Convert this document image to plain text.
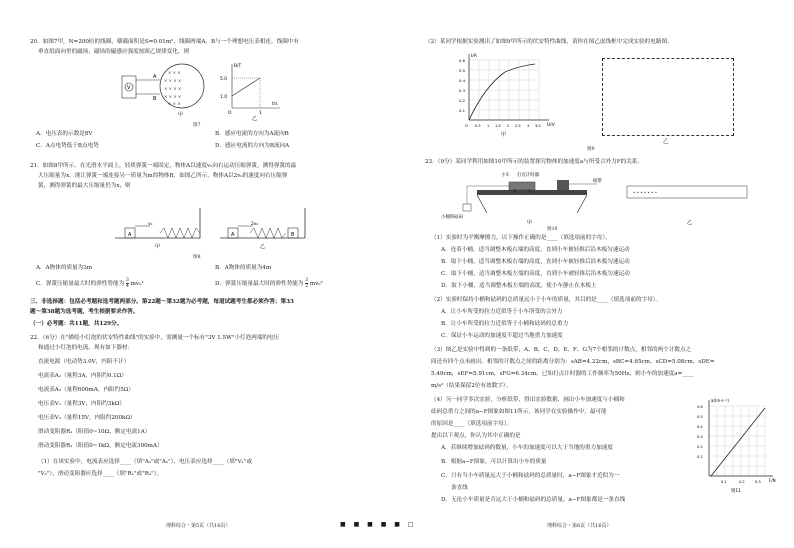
20．如图7甲，N=200匝的线圈，横截面积是S=0.01m²，线圈两端A、B与一个理想电压表相连。线圈中有

垂直纸面向里的磁场，磁场的磁感应强度按图乙规律变化，则

V
× × ×
× × × ×
× × × ×
× × × ×
× × ×
A
B
甲
B/T
t/s
5.0
1.0
1
O
乙

图7

A．电压表的示数是8V	B．感应电流的方向为A流向B

C．A点电势低于B点电势	D．感应电流的方向为B流向A

21．如图8甲所示，在光滑水平面上，轻质弹簧一端固定，物体A以速度v₀向右运动压缩弹簧，测得弹簧的最

大压缩量为x。现让弹簧一端连接另一质量为m的物体B，如图乙所示，物体A以2v₀的速度向右压缩弹

簧，测得弹簧的最大压缩量仍为x，则

A
v₀
甲
A
2v₀
B
乙

图8

A．A物体的质量为3m	B．A物体的质量为4m

C．弹簧压缩量最大时的弹性势能为 $\frac{3}{4} mv_0^2$	D．弹簧压缩量最大时的弹性势能为 $\frac{3}{2} mv_0^2$

三、非选择题：包括必考题和选考题两部分。第22题～第32题为必考题，每道试题考生都必须作答；第33

题～第38题为选考题，考生根据要求作答。

（一）必考题：共11题，共129分。

22．（6分）在"描绘小灯泡的伏安特性曲线"的实验中，需测量一个标有"3V 1.5W"小灯泡两端的电压

和通过小灯泡的电流。现有如下器材：

直流电源（电动势3.0V，内阻不计）

电流表A₁（量程3A，内阻约0.1Ω）

电流表A₂（量程600mA，内阻约5Ω）

电压表V₁（量程3V，内阻约3kΩ）

电压表V₂（量程15V，内阻约200kΩ）

滑动变阻器R₁（阻值0~10Ω，额定电流1A）

滑动变阻器R₂（阻值0~1kΩ，额定电流300mA）

（1）在该实验中，电流表应选择____（填"A₁"或"A₂"），电压表应选择____（填"V₁"或

"V₂"），滑动变阻器应选择____（填"R₁"或"R₂"）。

理科综合・第5页（共16页）	■ ■ ■ ■ ■ □

（2）某同学根据实验测出了如图9甲所示的伏安特性曲线，请你在图乙虚线框中完成实验的电路图。

I/A
U/V
0.6
0.5
0.4
0.3
0.2
0.1
O 0.5 1 1.5 2 2.5 3 3.5
甲

乙

图9

23．（9分）某同学利用如图10甲所示的装置探究物体的加速度a与所受合外力F的关系。

小车 打点计时器
纸带
小桶和砝码
甲
• • • • • • •
乙

图10

（1）实验时为平衡摩擦力，以下操作正确的是____（填选项前的字母）。

A．连着小桶，适当调整木板右端的高度，直到小车被轻推后沿木板匀速运动

B．取下小桶，适当调整木板右端的高度，直到小车被轻推后沿木板匀速运动

C．取下小桶，适当调整木板左端的高度，直到小车被轻推后沿木板匀速运动

D．取下小桶，适当调整木板左端的高度，使小车静止在木板上

（2）实验时保持小桶和砝码的总质量远小于小车的质量，其目的是____（填选项前的字母）。

A．让小车所受的拉力近似等于小车所受的合外力

B．让小车所受的拉力近似等于小桶和砝码的总重力

C．保证小车运动的加速度不超过当地重力加速度

（3）图乙是实验中得到的一条纸带，A、B、C、D、E、F、G为7个相邻的计数点，相邻的两个计数点之

间还有四个点未画出。相邻的计数点之间的距离分别为：sAB=4.22cm，sBC=4.65cm，sCD=5.08cm，sDE=

5.49cm，sEF=5.91cm，sFG=6.34cm。已知打点计时器的工作频率为50Hz，则小车的加速度a=____

m/s²（结果保留2位有效数字）。

（4）另一同学多次实验，分析纸带，得出实验数据，画出小车加速度与小桶和

砝码总重力之间的a−F图象如图11所示，该同学在实验操作中，最可能

的原因是____（填选项前字母）。

提出以下观点，你认为其中正确的是

A．若继续增加砝码的数量，小车的加速度可以大于当地的重力加速度

B．根据a−F图象，可以计算出小车的质量

C．只有当小车质量远大于小桶和砝码的总质量时，a−F图象才近似为一

条直线

D．无论小车质量是否远大于小桶和砝码的总质量，a−F图象都是一条直线

a/(m·s⁻²)
F/N
0.6
0.5
0.4
0.3
0.2
0.1
0.1	0.2	0.3
图11

理科综合・第6页（共16页）
